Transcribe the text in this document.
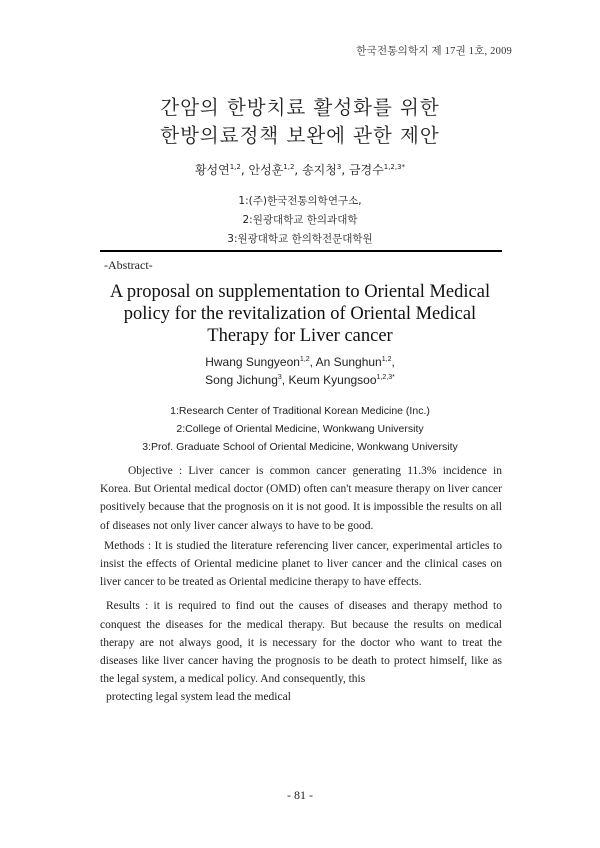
한국전통의학지 제 17권 1호, 2009
간암의 한방치료 활성화를 위한
한방의료정책 보완에 관한 제안
황성연$^{1,2}$, 안성훈$^{1,2}$, 송지청$^3$, 금경수$^{1,2,3*}$
1:(주)한국전통의학연구소,
2:원광대학교 한의과대학
3:원광대학교 한의학전문대학원
-Abstract-
A proposal on supplementation to Oriental Medical
policy for the revitalization of Oriental Medical
Therapy for Liver cancer
Hwang Sungyeon$^{1,2}$, An Sunghun$^{1,2}$,
Song Jichung$^3$, Keum Kyungsoo$^{1,2,3*}$
1:Research Center of Traditional Korean Medicine (Inc.)
2:College of Oriental Medicine, Wonkwang University
3:Prof. Graduate School of Oriental Medicine, Wonkwang University

Objective : Liver cancer is common cancer generating 11.3% incidence in Korea. But Oriental medical doctor (OMD) often can't measure therapy on liver cancer positively because that the prognosis on it is not good. It is impossible the results on all of diseases not only liver cancer always to have to be good.

Methods : It is studied the literature referencing liver cancer, experimental articles to insist the effects of Oriental medicine planet to liver cancer and the clinical cases on liver cancer to be treated as Oriental medicine therapy to have effects.

Results : it is required to find out the causes of diseases and therapy method to conquest the diseases for the medical therapy. But because the results on medical therapy are not always good, it is necessary for the doctor who want to treat the diseases like liver cancer having the prognosis to be death to protect himself, like as the legal system, a medical policy. And consequently, this
protecting legal system lead the medical

- 81 -
